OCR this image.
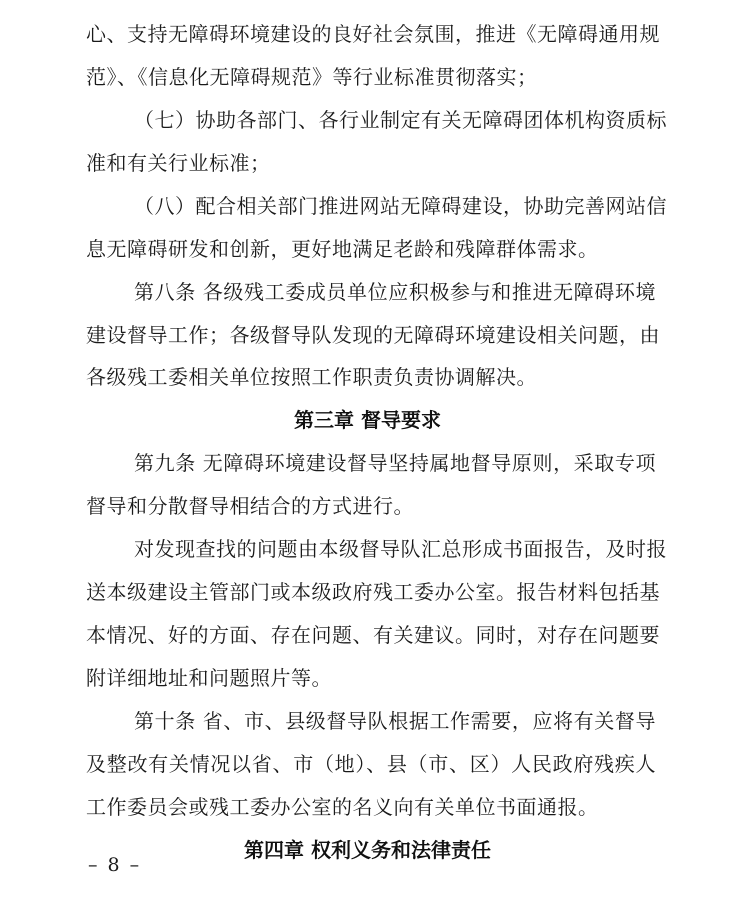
心、支持无障碍环境建设的良好社会氛围，推进《无障碍通用规
范》、《信息化无障碍规范》等行业标准贯彻落实；
（七）协助各部门、各行业制定有关无障碍团体机构资质标
准和有关行业标准；
（八）配合相关部门推进网站无障碍建设，协助完善网站信
息无障碍研发和创新，更好地满足老龄和残障群体需求。
第八条 各级残工委成员单位应积极参与和推进无障碍环境
建设督导工作；各级督导队发现的无障碍环境建设相关问题，由
各级残工委相关单位按照工作职责负责协调解决。
第三章 督导要求
第九条 无障碍环境建设督导坚持属地督导原则，采取专项
督导和分散督导相结合的方式进行。
对发现查找的问题由本级督导队汇总形成书面报告，及时报
送本级建设主管部门或本级政府残工委办公室。报告材料包括基
本情况、好的方面、存在问题、有关建议。同时，对存在问题要
附详细地址和问题照片等。
第十条 省、市、县级督导队根据工作需要，应将有关督导
及整改有关情况以省、市（地）、县（市、区）人民政府残疾人
工作委员会或残工委办公室的名义向有关单位书面通报。
第四章 权利义务和法律责任
– 8 –
